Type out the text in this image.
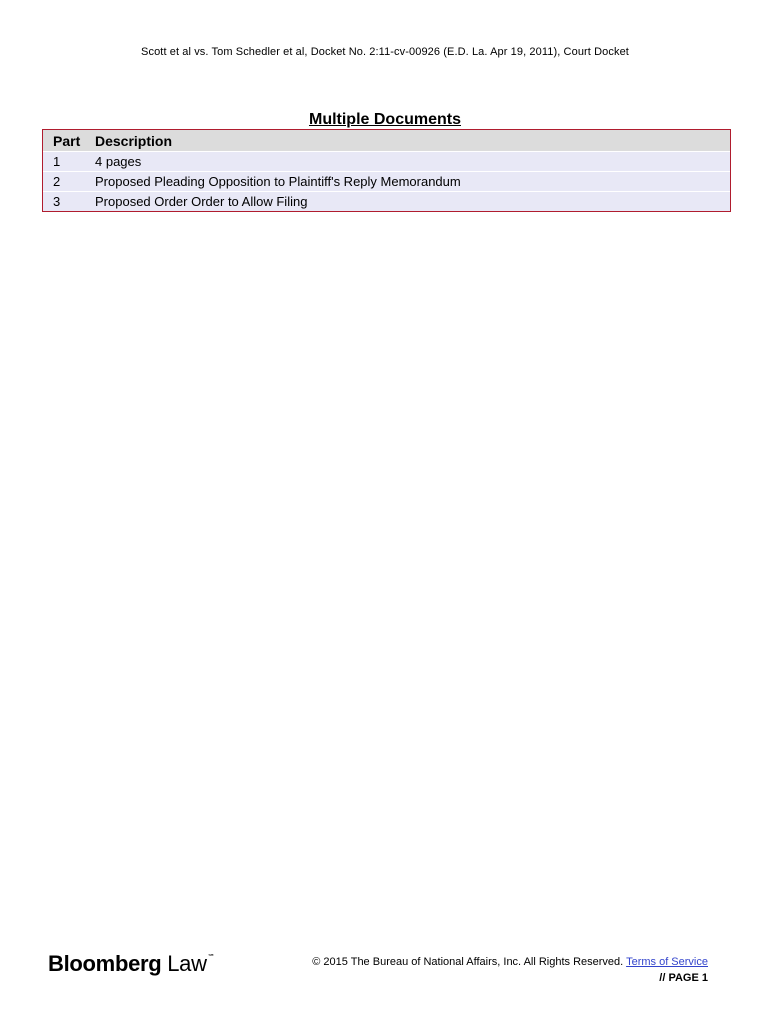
Scott et al vs. Tom Schedler et al, Docket No. 2:11-cv-00926 (E.D. La. Apr 19, 2011), Court Docket
Multiple Documents
Part	Description
1	4 pages
2	Proposed Pleading Opposition to Plaintiff's Reply Memorandum
3	Proposed Order Order to Allow Filing
Bloomberg Law℠	© 2015 The Bureau of National Affairs, Inc. All Rights Reserved. Terms of Service
// PAGE 1
